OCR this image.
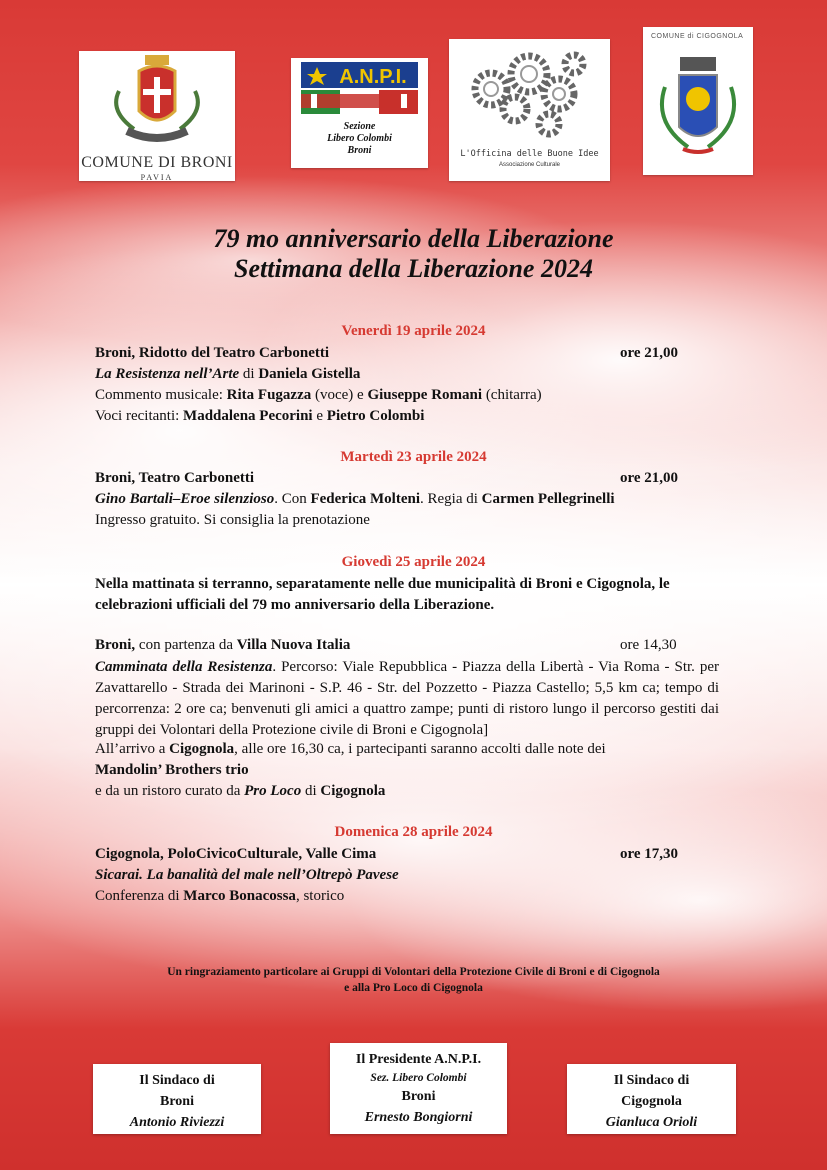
COMUNE DI BRONI
PAVIA
A.N.P.I.
Sezione
Libero Colombi
Broni	L'Officina delle Buone Idee
Associazione Culturale
COMUNE di CIGOGNOLA
79 mo anniversario della Liberazione
Settimana della Liberazione 2024
Venerdì 19 aprile 2024
Broni, Ridotto del Teatro Carbonetti	ore 21,00
La Resistenza nell’Arte di Daniela Gistella
Commento musicale: Rita Fugazza (voce) e Giuseppe Romani (chitarra)
Voci recitanti: Maddalena Pecorini e Pietro Colombi
Martedì 23 aprile 2024
Broni, Teatro Carbonetti	ore 21,00
Gino Bartali–Eroe silenzioso. Con Federica Molteni. Regia di Carmen Pellegrinelli
Ingresso gratuito. Si consiglia la prenotazione
Giovedì 25 aprile 2024
Nella mattinata si terranno, separatamente nelle due municipalità di Broni e Cigognola, le
celebrazioni ufficiali del 79 mo anniversario della Liberazione.
Broni, con partenza da Villa Nuova Italia	ore 14,30
Camminata della Resistenza. Percorso: Viale Repubblica - Piazza della Libertà - Via Roma - Str. per Zavattarello - Strada dei Marinoni - S.P. 46 - Str. del Pozzetto - Piazza Castello; 5,5 km ca; tempo di percorrenza: 2 ore ca; benvenuti gli amici a quattro zampe; punti di ristoro lungo il percorso gestiti dai gruppi dei Volontari della Protezione civile di Broni e Cigognola]
All’arrivo a Cigognola, alle ore 16,30 ca, i partecipanti saranno accolti dalle note dei
Mandolin’ Brothers trio
e da un ristoro curato da Pro Loco di Cigognola
Domenica 28 aprile 2024
Cigognola, PoloCivicoCulturale, Valle Cima	ore 17,30
Sicarai. La banalità del male nell’Oltrepò Pavese
Conferenza di Marco Bonacossa, storico
Un ringraziamento particolare ai Gruppi di Volontari della Protezione Civile di Broni e di Cigognola
e alla Pro Loco di Cigognola
Il Sindaco di
Broni
Antonio Riviezzi
Il Presidente A.N.P.I.
Sez. Libero Colombi
Broni
Ernesto Bongiorni
Il Sindaco di
Cigognola
Gianluca Orioli
